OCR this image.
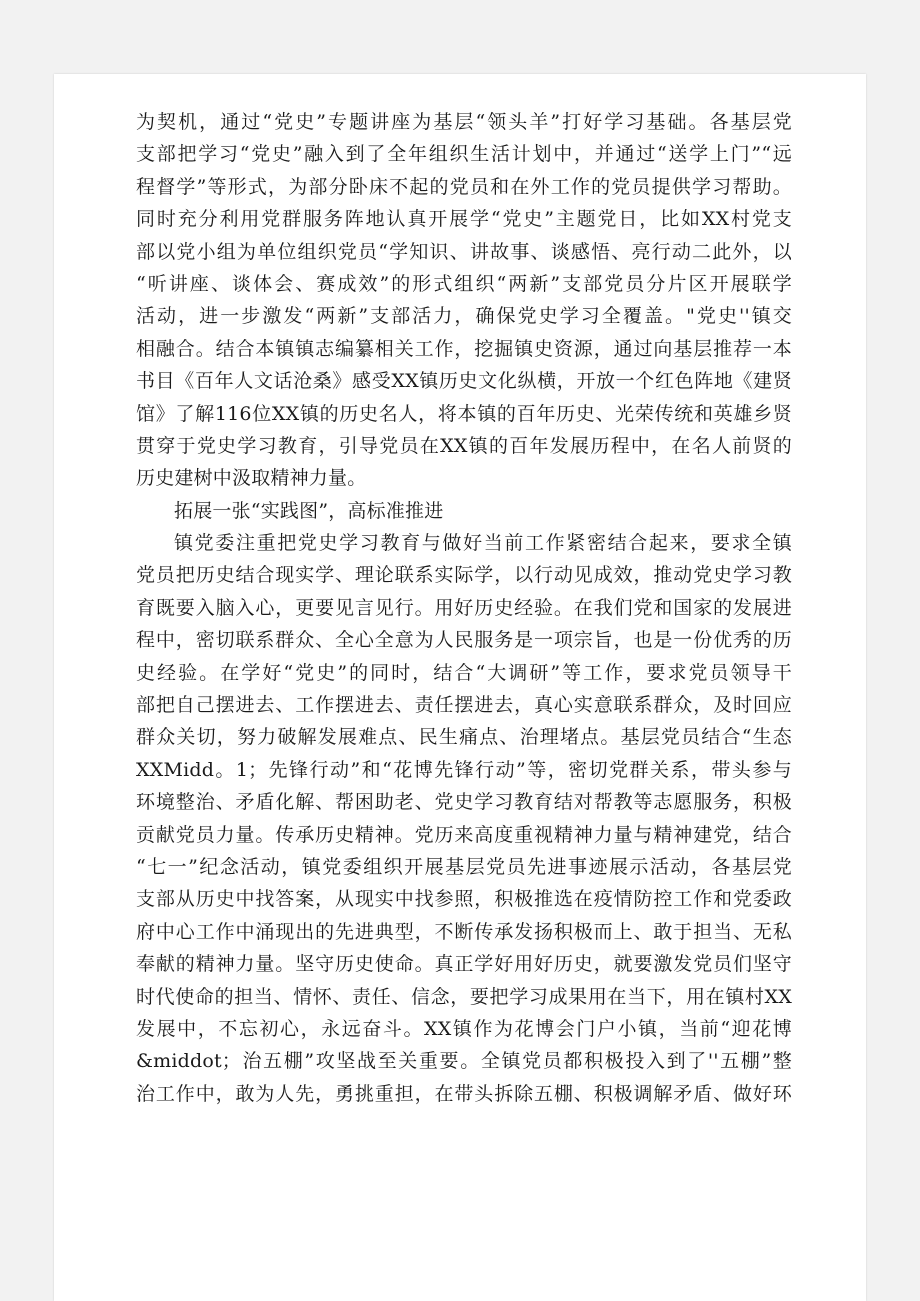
为契机，通过“党史”专题讲座为基层“领头羊”打好学习基础。各基层党
支部把学习“党史”融入到了全年组织生活计划中，并通过“送学上门”“远
程督学”等形式，为部分卧床不起的党员和在外工作的党员提供学习帮助。
同时充分利用党群服务阵地认真开展学“党史”主题党日，比如XX村党支
部以党小组为单位组织党员“学知识、讲故事、谈感悟、亮行动二此外，以
“听讲座、谈体会、赛成效”的形式组织“两新”支部党员分片区开展联学
活动，进一步激发“两新”支部活力，确保党史学习全覆盖。"党史''镇交
相融合。结合本镇镇志编纂相关工作，挖掘镇史资源，通过向基层推荐一本
书目《百年人文话沧桑》感受XX镇历史文化纵横，开放一个红色阵地《建贤
馆》了解116位XX镇的历史名人，将本镇的百年历史、光荣传统和英雄乡贤
贯穿于党史学习教育，引导党员在XX镇的百年发展历程中，在名人前贤的
历史建树中汲取精神力量。
拓展一张“实践图”，高标准推进
镇党委注重把党史学习教育与做好当前工作紧密结合起来，要求全镇
党员把历史结合现实学、理论联系实际学，以行动见成效，推动党史学习教
育既要入脑入心，更要见言见行。用好历史经验。在我们党和国家的发展进
程中，密切联系群众、全心全意为人民服务是一项宗旨，也是一份优秀的历
史经验。在学好“党史”的同时，结合“大调研”等工作，要求党员领导干
部把自己摆进去、工作摆进去、责任摆进去，真心实意联系群众，及时回应
群众关切，努力破解发展难点、民生痛点、治理堵点。基层党员结合“生态
XXMidd。1；先锋行动”和“花博先锋行动”等，密切党群关系，带头参与
环境整治、矛盾化解、帮困助老、党史学习教育结对帮教等志愿服务，积极
贡献党员力量。传承历史精神。党历来高度重视精神力量与精神建党，结合
“七一”纪念活动，镇党委组织开展基层党员先进事迹展示活动，各基层党
支部从历史中找答案，从现实中找参照，积极推选在疫情防控工作和党委政
府中心工作中涌现出的先进典型，不断传承发扬积极而上、敢于担当、无私
奉献的精神力量。坚守历史使命。真正学好用好历史，就要激发党员们坚守
时代使命的担当、情怀、责任、信念，要把学习成果用在当下，用在镇村XX
发展中，不忘初心，永远奋斗。XX镇作为花博会门户小镇，当前“迎花博
&middot；治五棚”攻坚战至关重要。全镇党员都积极投入到了''五棚”整
治工作中，敢为人先，勇挑重担，在带头拆除五棚、积极调解矛盾、做好环
